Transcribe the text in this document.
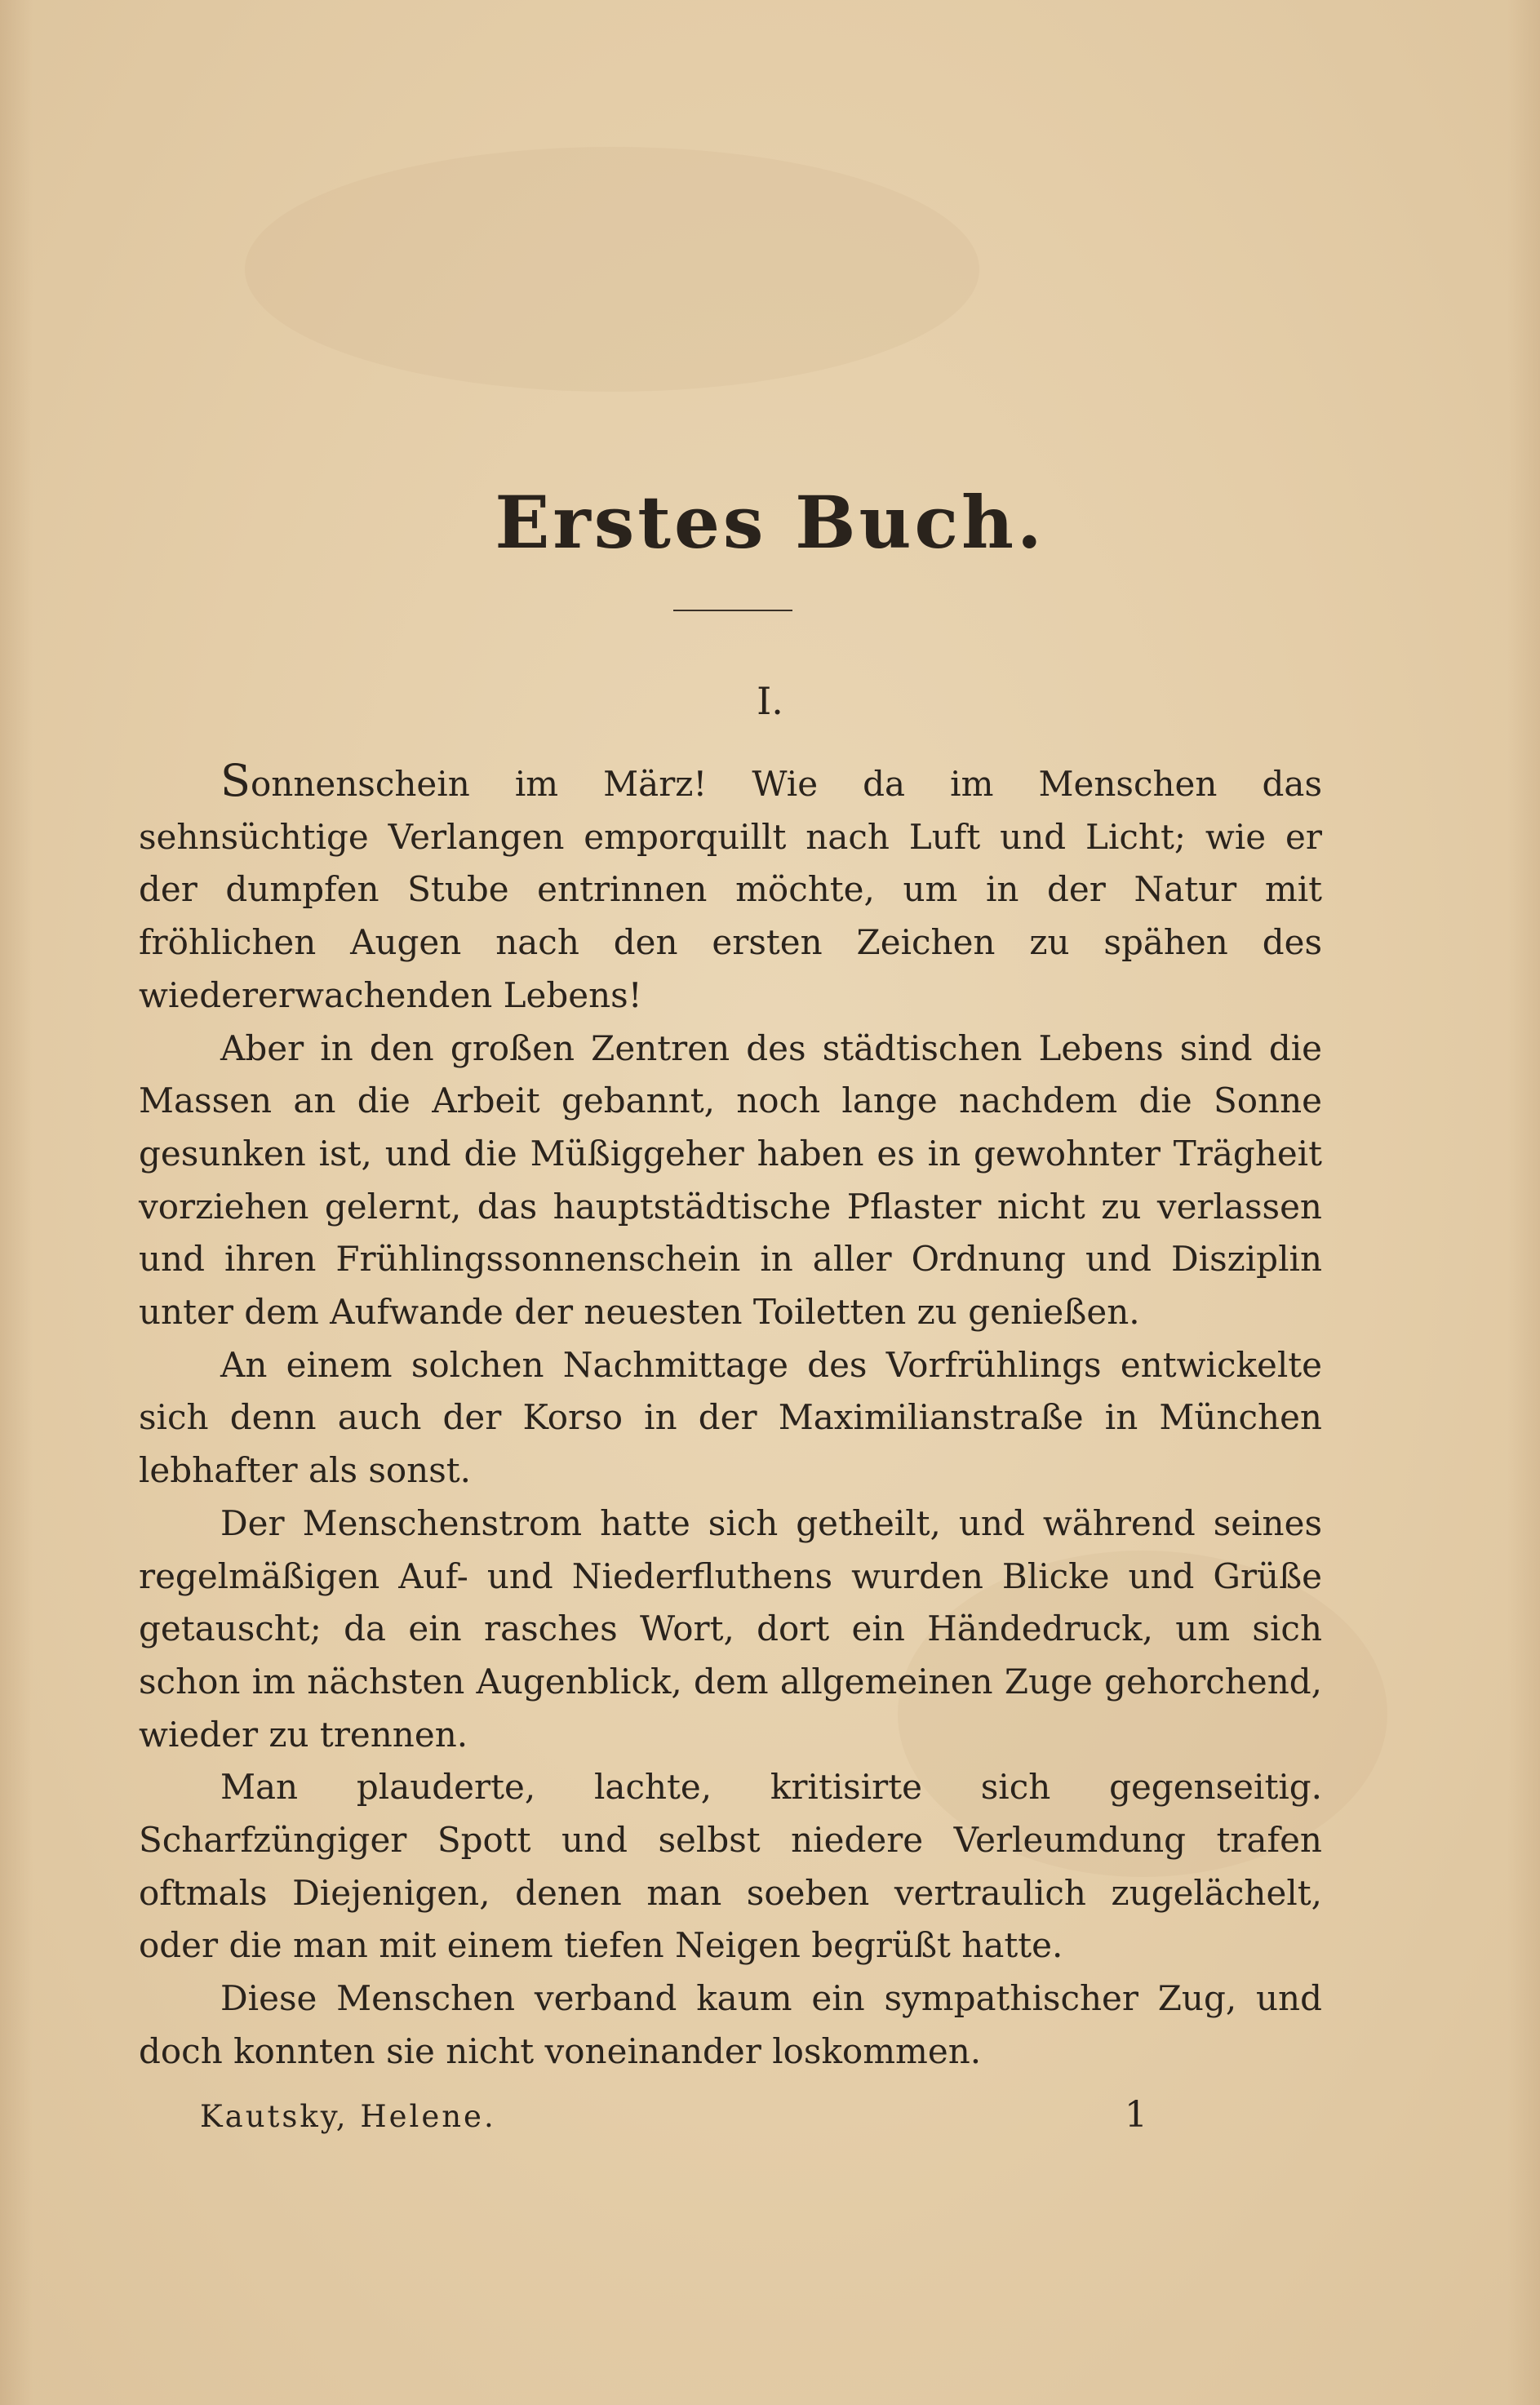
Erstes Buch.
I.

Sonnenschein im März! Wie da im Menschen das sehnsüchtige Verlangen emporquillt nach Luft und Licht; wie er der dumpfen Stube entrinnen möchte, um in der Natur mit fröhlichen Augen nach den ersten Zeichen zu spähen des wiedererwachenden Lebens!

Aber in den großen Zentren des städtischen Lebens sind die Massen an die Arbeit gebannt, noch lange nachdem die Sonne gesunken ist, und die Müßiggeher haben es in gewohnter Trägheit vorziehen gelernt, das hauptstädtische Pflaster nicht zu verlassen und ihren Frühlingssonnenschein in aller Ordnung und Disziplin unter dem Aufwande der neuesten Toiletten zu genießen.

An einem solchen Nachmittage des Vorfrühlings entwickelte sich denn auch der Korso in der Maximilianstraße in München lebhafter als sonst.

Der Menschenstrom hatte sich getheilt, und während seines regelmäßigen Auf- und Niederfluthens wurden Blicke und Grüße getauscht; da ein rasches Wort, dort ein Händedruck, um sich schon im nächsten Augenblick, dem allgemeinen Zuge gehorchend, wieder zu trennen.

Man plauderte, lachte, kritisirte sich gegenseitig. Scharfzüngiger Spott und selbst niedere Verleumdung trafen oftmals Diejenigen, denen man soeben vertraulich zugelächelt, oder die man mit einem tiefen Neigen begrüßt hatte.

Diese Menschen verband kaum ein sympathischer Zug, und doch konnten sie nicht voneinander loskommen.

Kautsky, Helene.	1
